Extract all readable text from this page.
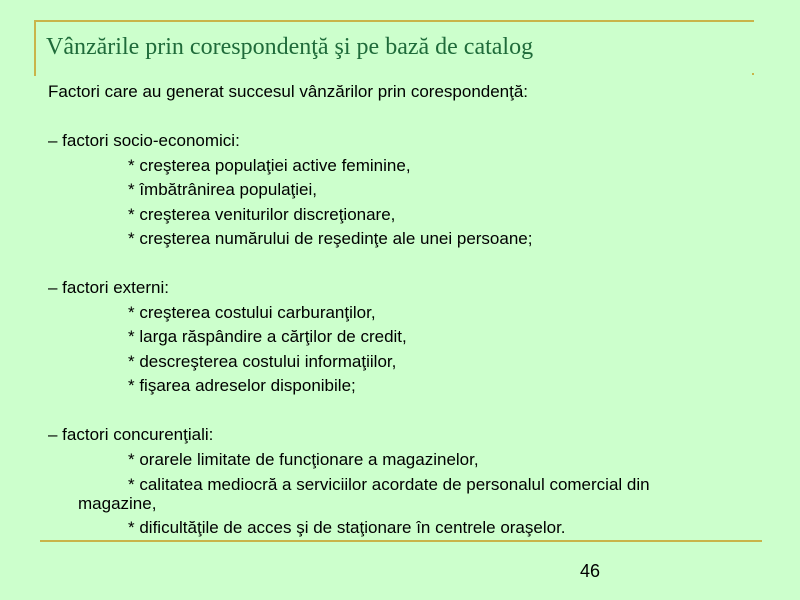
Vânzările prin corespondenţă şi pe bază de catalog
Factori care au generat succesul vânzărilor prin corespondenţă:
– factori socio-economici:
* creşterea populaţiei active feminine,
* îmbătrânirea populaţiei,
* creşterea veniturilor discreţionare,
* creşterea numărului de reşedinţe ale unei persoane;
– factori externi:
* creşterea costului carburanţilor,
* larga răspândire a cărţilor de credit,
* descreşterea costului informaţiilor,
* fişarea adreselor disponibile;
– factori concurenţiali:
* orarele limitate de funcţionare a magazinelor,
* calitatea mediocră a serviciilor acordate de personalul comercial din
magazine,
* dificultăţile de acces şi de staţionare în centrele oraşelor.
46
